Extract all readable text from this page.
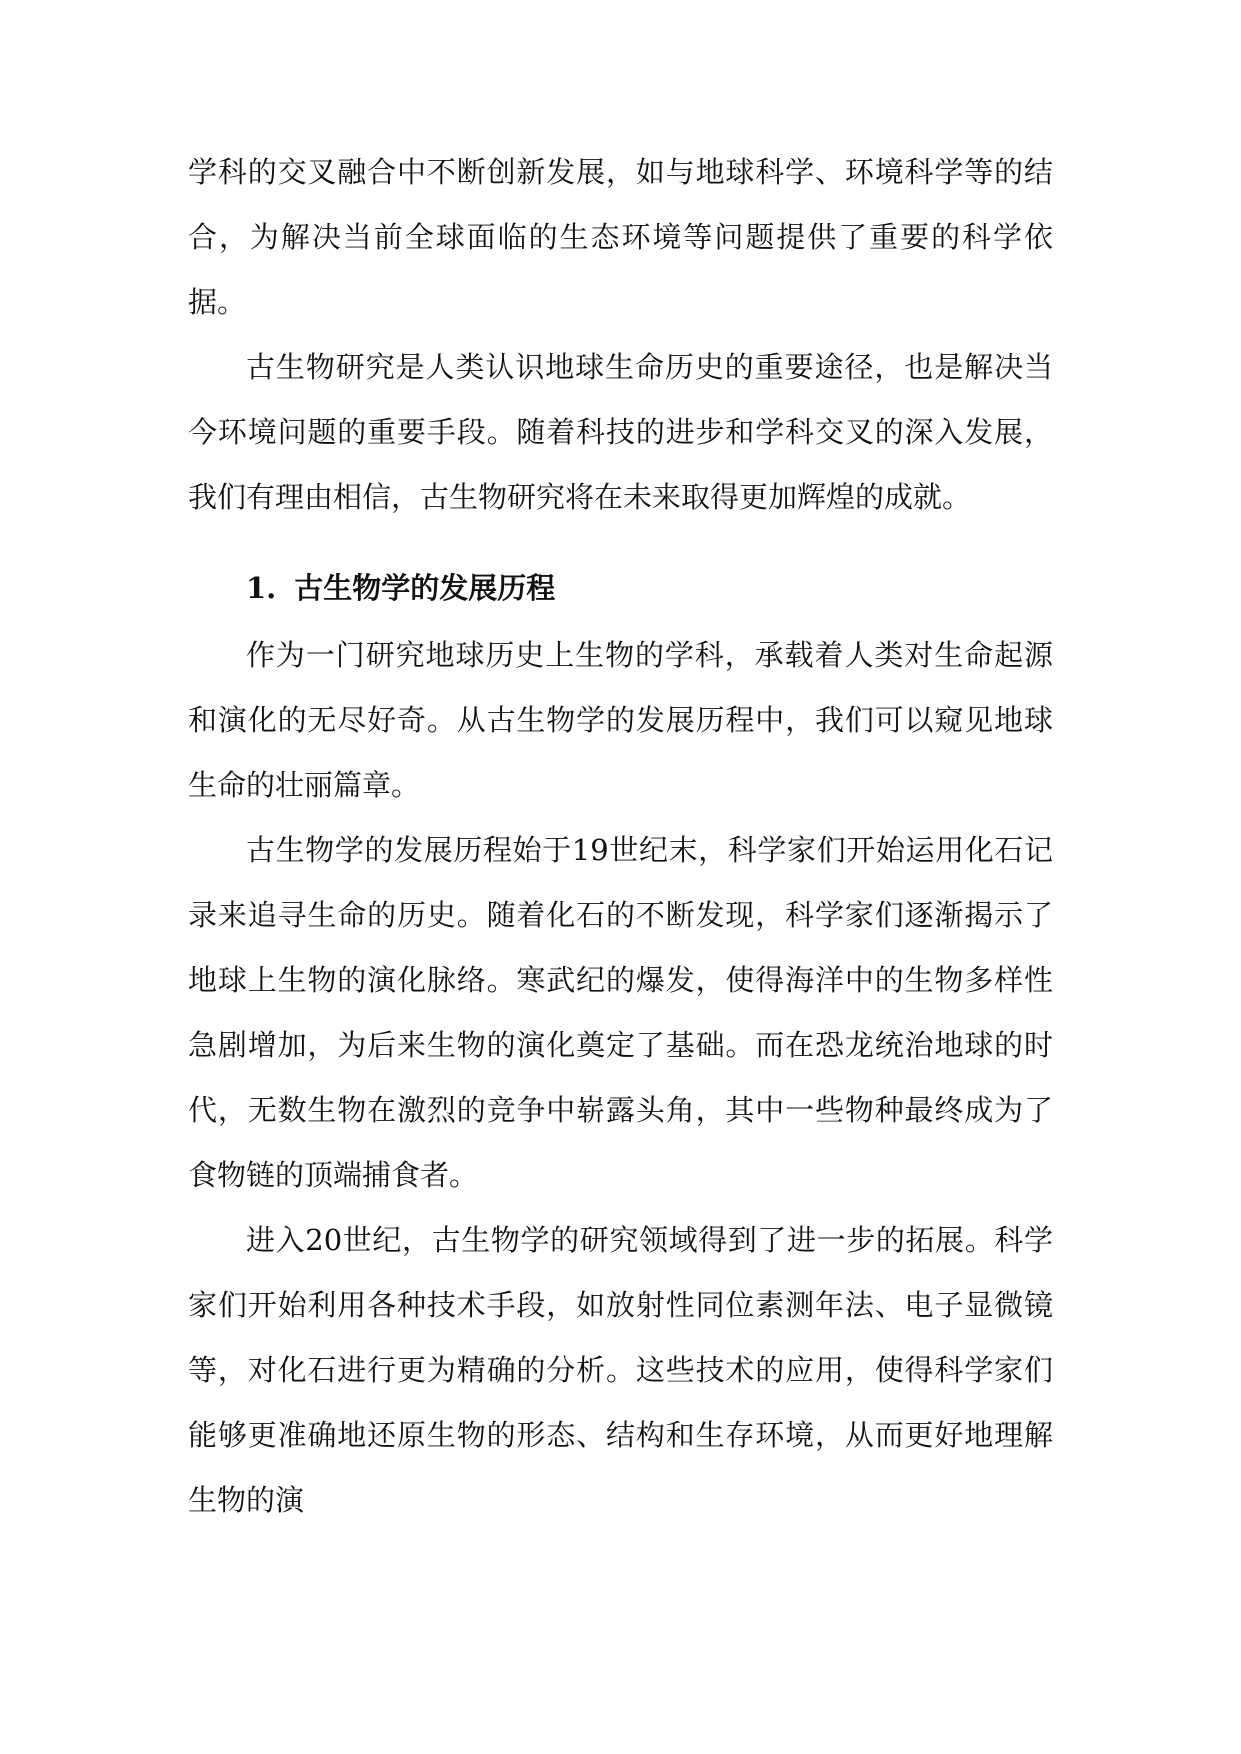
学科的交叉融合中不断创新发展，如与地球科学、环境科学等的结合，为解决当前全球面临的生态环境等问题提供了重要的科学依据。

古生物研究是人类认识地球生命历史的重要途径，也是解决当今环境问题的重要手段。随着科技的进步和学科交叉的深入发展，我们有理由相信，古生物研究将在未来取得更加辉煌的成就。

1. 古生物学的发展历程

作为一门研究地球历史上生物的学科，承载着人类对生命起源和演化的无尽好奇。从古生物学的发展历程中，我们可以窥见地球生命的壮丽篇章。

古生物学的发展历程始于19世纪末，科学家们开始运用化石记录来追寻生命的历史。随着化石的不断发现，科学家们逐渐揭示了地球上生物的演化脉络。寒武纪的爆发，使得海洋中的生物多样性急剧增加，为后来生物的演化奠定了基础。而在恐龙统治地球的时代，无数生物在激烈的竞争中崭露头角，其中一些物种最终成为了食物链的顶端捕食者。

进入20世纪，古生物学的研究领域得到了进一步的拓展。科学家们开始利用各种技术手段，如放射性同位素测年法、电子显微镜等，对化石进行更为精确的分析。这些技术的应用，使得科学家们能够更准确地还原生物的形态、结构和生存环境，从而更好地理解生物的演
